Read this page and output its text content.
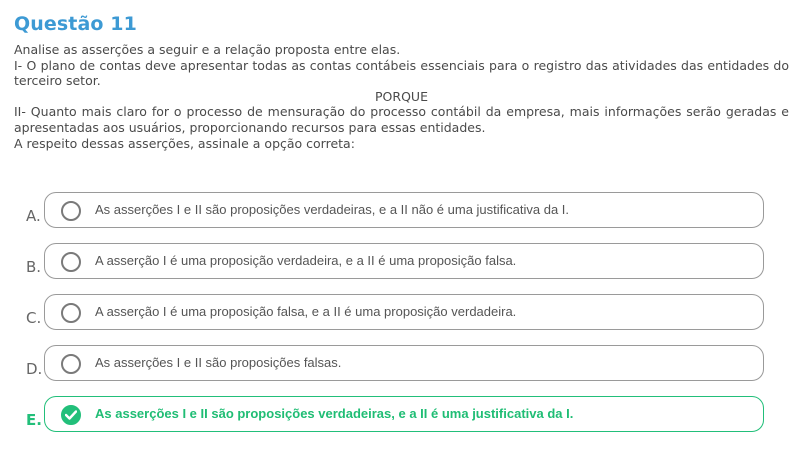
Questão 11

Analise as asserções a seguir e a relação proposta entre elas.

I- O plano de contas deve apresentar todas as contas contábeis essenciais para o registro das atividades das entidades do terceiro setor.

PORQUE

II- Quanto mais claro for o processo de mensuração do processo contábil da empresa, mais informações serão geradas e apresentadas aos usuários, proporcionando recursos para essas entidades.

A respeito dessas asserções, assinale a opção correta:

A.	As asserções I e II são proposições verdadeiras, e a II não é uma justificativa da I.
B.	A asserção I é uma proposição verdadeira, e a II é uma proposição falsa.
C.	A asserção I é uma proposição falsa, e a II é uma proposição verdadeira.
D.	As asserções I e II são proposições falsas.
E.	As asserções I e II são proposições verdadeiras, e a II é uma justificativa da I.
